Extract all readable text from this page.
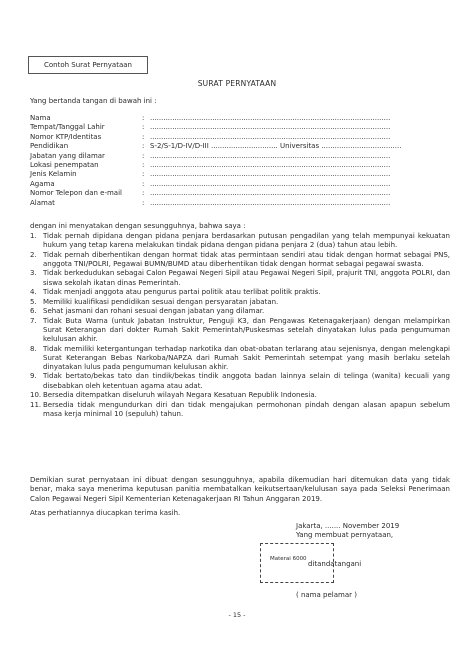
Contoh Surat Pernyataan
SURAT PERNYATAAN
Yang bertanda tangan di bawah ini :
Nama	: ............................................................................................................
Tempat/Tanggal Lahir	: ............................................................................................................
Nomor KTP/Identitas	: ............................................................................................................
Pendidikan	: S-2/S-1/D-IV/D-III .............................. Universitas ....................................
Jabatan yang dilamar	: ............................................................................................................
Lokasi penempatan	: ............................................................................................................
Jenis Kelamin	: ............................................................................................................
Agama	: ............................................................................................................
Nomor Telepon dan e-mail	: ............................................................................................................
Alamat	: ............................................................................................................
dengan ini menyatakan dengan sesungguhnya, bahwa saya :
1. Tidak pernah dipidana dengan pidana penjara berdasarkan putusan pengadilan yang telah mempunyai kekuatan hukum yang tetap karena melakukan tindak pidana dengan pidana penjara 2 (dua) tahun atau lebih.
2. Tidak pernah diberhentikan dengan hormat tidak atas permintaan sendiri atau tidak dengan hormat sebagai PNS, anggota TNI/POLRI, Pegawai BUMN/BUMD atau diberhentikan tidak dengan hormat sebagai pegawai swasta.
3. Tidak berkedudukan sebagai Calon Pegawai Negeri Sipil atau Pegawai Negeri Sipil, prajurit TNI, anggota POLRI, dan siswa sekolah ikatan dinas Pemerintah.
4. Tidak menjadi anggota atau pengurus partai politik atau terlibat politik praktis.
5. Memiliki kualifikasi pendidikan sesuai dengan persyaratan jabatan.
6. Sehat jasmani dan rohani sesuai dengan jabatan yang dilamar.
7. Tidak Buta Warna (untuk Jabatan Instruktur, Penguji K3, dan Pengawas Ketenagakerjaan) dengan melampirkan Surat Keterangan dari dokter Rumah Sakit Pemerintah/Puskesmas setelah dinyatakan lulus pada pengumuman kelulusan akhir.
8. Tidak memiliki ketergantungan terhadap narkotika dan obat-obatan terlarang atau sejenisnya, dengan melengkapi Surat Keterangan Bebas Narkoba/NAPZA dari Rumah Sakit Pemerintah setempat yang masih berlaku setelah dinyatakan lulus pada pengumuman kelulusan akhir.
9. Tidak bertato/bekas tato dan tindik/bekas tindik anggota badan lainnya selain di telinga (wanita) kecuali yang disebabkan oleh ketentuan agama atau adat.
10. Bersedia ditempatkan diseluruh wilayah Negara Kesatuan Republik Indonesia.
11. Bersedia tidak mengundurkan diri dan tidak mengajukan permohonan pindah dengan alasan apapun sebelum masa kerja minimal 10 (sepuluh) tahun.
Demikian surat pernyataan ini dibuat dengan sesungguhnya, apabila dikemudian hari ditemukan data yang tidak benar, maka saya menerima keputusan panitia membatalkan keikutsertaan/kelulusan saya pada Seleksi Penerimaan Calon Pegawai Negeri Sipil Kementerian Ketenagakerjaan RI Tahun Anggaran 2019.
Atas perhatiannya diucapkan terima kasih.
Jakarta, ....... November 2019
Yang membuat pernyataan,
Materai 6000
ditandatangani
( nama pelamar )
- 15 -
